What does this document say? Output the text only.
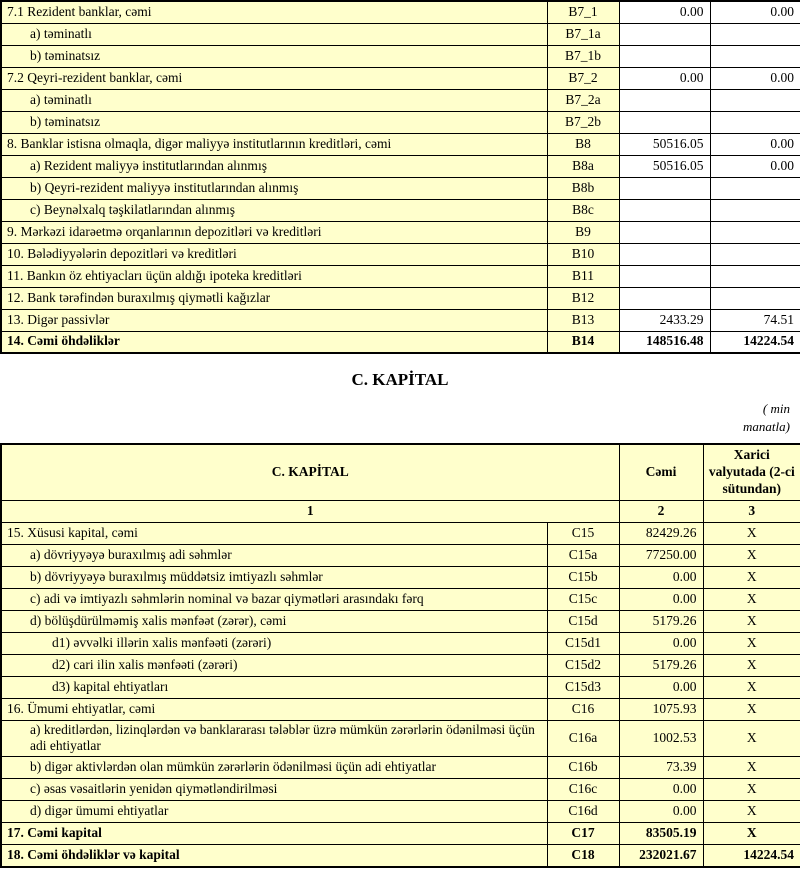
7.1 Rezident banklar, cəmi	B7_1	0.00	0.00
a) təminatlı	B7_1a		
b) təminatsız	B7_1b		
7.2 Qeyri-rezident banklar, cəmi	B7_2	0.00	0.00
a) təminatlı	B7_2a		
b) təminatsız	B7_2b		
8. Banklar istisna olmaqla, digər maliyyə institutlarının kreditləri, cəmi	B8	50516.05	0.00
a) Rezident maliyyə institutlarından alınmış	B8a	50516.05	0.00
b) Qeyri-rezident maliyyə institutlarından alınmış	B8b		
c) Beynəlxalq təşkilatlarından alınmış	B8c		
9. Mərkəzi idarəetmə orqanlarının depozitləri və kreditləri	B9		
10. Bələdiyyələrin depozitləri və kreditləri	B10		
11. Bankın öz ehtiyacları üçün aldığı ipoteka kreditləri	B11		
12. Bank tərəfindən buraxılmış qiymətli kağızlar	B12		
13. Digər passivlər	B13	2433.29	74.51
14. Cəmi öhdəliklər	B14	148516.48	14224.54
C. KAPİTAL
( min
manatla)
C. KAPİTAL		Cəmi	Xarici valyutada (2-ci sütundan)
1		2	3
15. Xüsusi kapital, cəmi	C15	82429.26	X
a) dövriyyəyə buraxılmış adi səhmlər	C15a	77250.00	X
b) dövriyyəyə buraxılmış müddətsiz imtiyazlı səhmlər	C15b	0.00	X
c) adi və imtiyazlı səhmlərin nominal və bazar qiymətləri arasındakı fərq	C15c	0.00	X
d) bölüşdürülməmiş xalis mənfəət (zərər), cəmi	C15d	5179.26	X
d1) əvvəlki illərin xalis mənfəəti (zərəri)	C15d1	0.00	X
d2) cari ilin xalis mənfəəti (zərəri)	C15d2	5179.26	X
d3) kapital ehtiyatları	C15d3	0.00	X
16. Ümumi ehtiyatlar, cəmi	C16	1075.93	X
a) kreditlərdən, lizinqlərdən və banklararası tələblər üzrə mümkün zərərlərin ödənilməsi üçün adi ehtiyatlar	C16a	1002.53	X
b) digər aktivlərdən olan mümkün zərərlərin ödənilməsi üçün adi ehtiyatlar	C16b	73.39	X
c) əsas vəsaitlərin yenidən qiymətləndirilməsi	C16c	0.00	X
d) digər ümumi ehtiyatlar	C16d	0.00	X
17. Cəmi kapital	C17	83505.19	X
18. Cəmi öhdəliklər və kapital	C18	232021.67	14224.54
